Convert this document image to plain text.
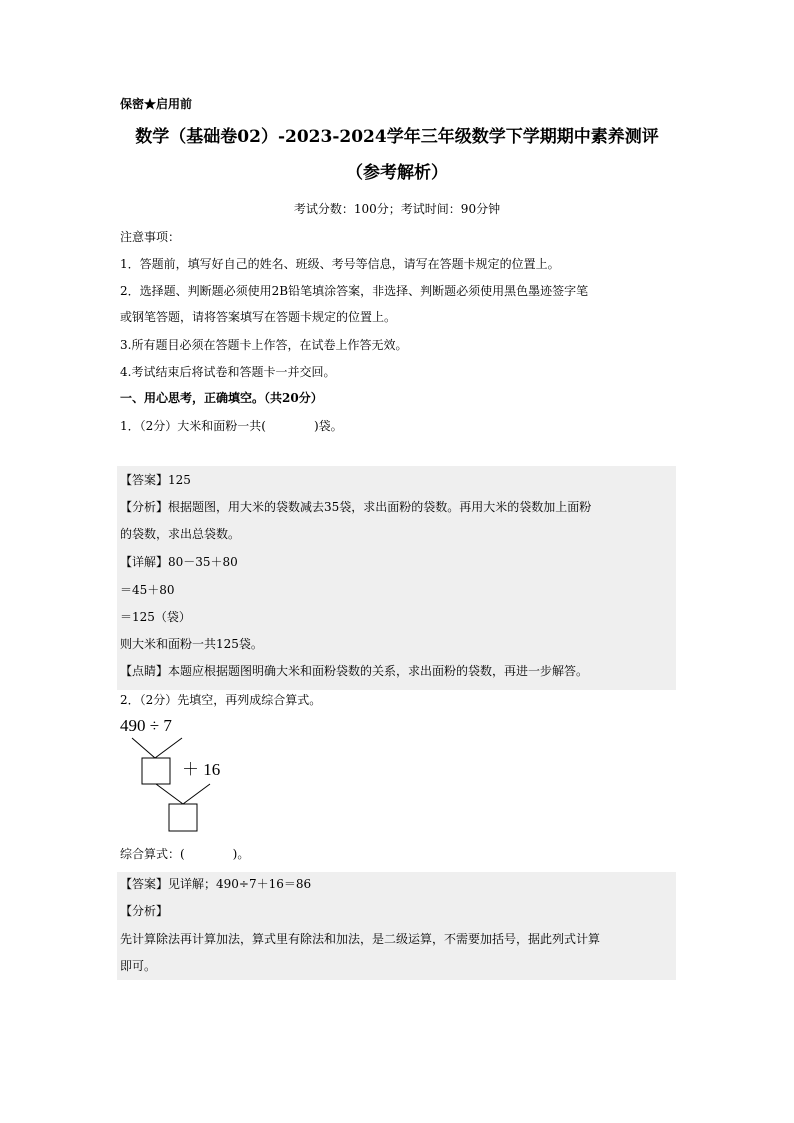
保密★启用前
数学（基础卷02）-2023-2024学年三年级数学下学期期中素养测评
（参考解析）
考试分数：100分；考试时间：90分钟
注意事项：
1．答题前，填写好自己的姓名、班级、考号等信息，请写在答题卡规定的位置上。
2．选择题、判断题必须使用2B铅笔填涂答案，非选择、判断题必须使用黑色墨迹签字笔
或钢笔答题，请将答案填写在答题卡规定的位置上。
3.所有题目必须在答题卡上作答，在试卷上作答无效。
4.考试结束后将试卷和答题卡一并交回。
一、用心思考，正确填空。（共20分）
1．（2分）大米和面粉一共(　　　　)袋。
【答案】125
【分析】根据题图，用大米的袋数减去35袋，求出面粉的袋数。再用大米的袋数加上面粉
的袋数，求出总袋数。
【详解】80－35＋80
＝45＋80
＝125（袋）
则大米和面粉一共125袋。
【点睛】本题应根据题图明确大米和面粉袋数的关系，求出面粉的袋数，再进一步解答。
2．（2分）先填空，再列成综合算式。
490 ÷ 7
＋ 16
综合算式：(　　　　)。
【答案】见详解；490÷7＋16＝86
【分析】
先计算除法再计算加法，算式里有除法和加法，是二级运算，不需要加括号，据此列式计算
即可。
